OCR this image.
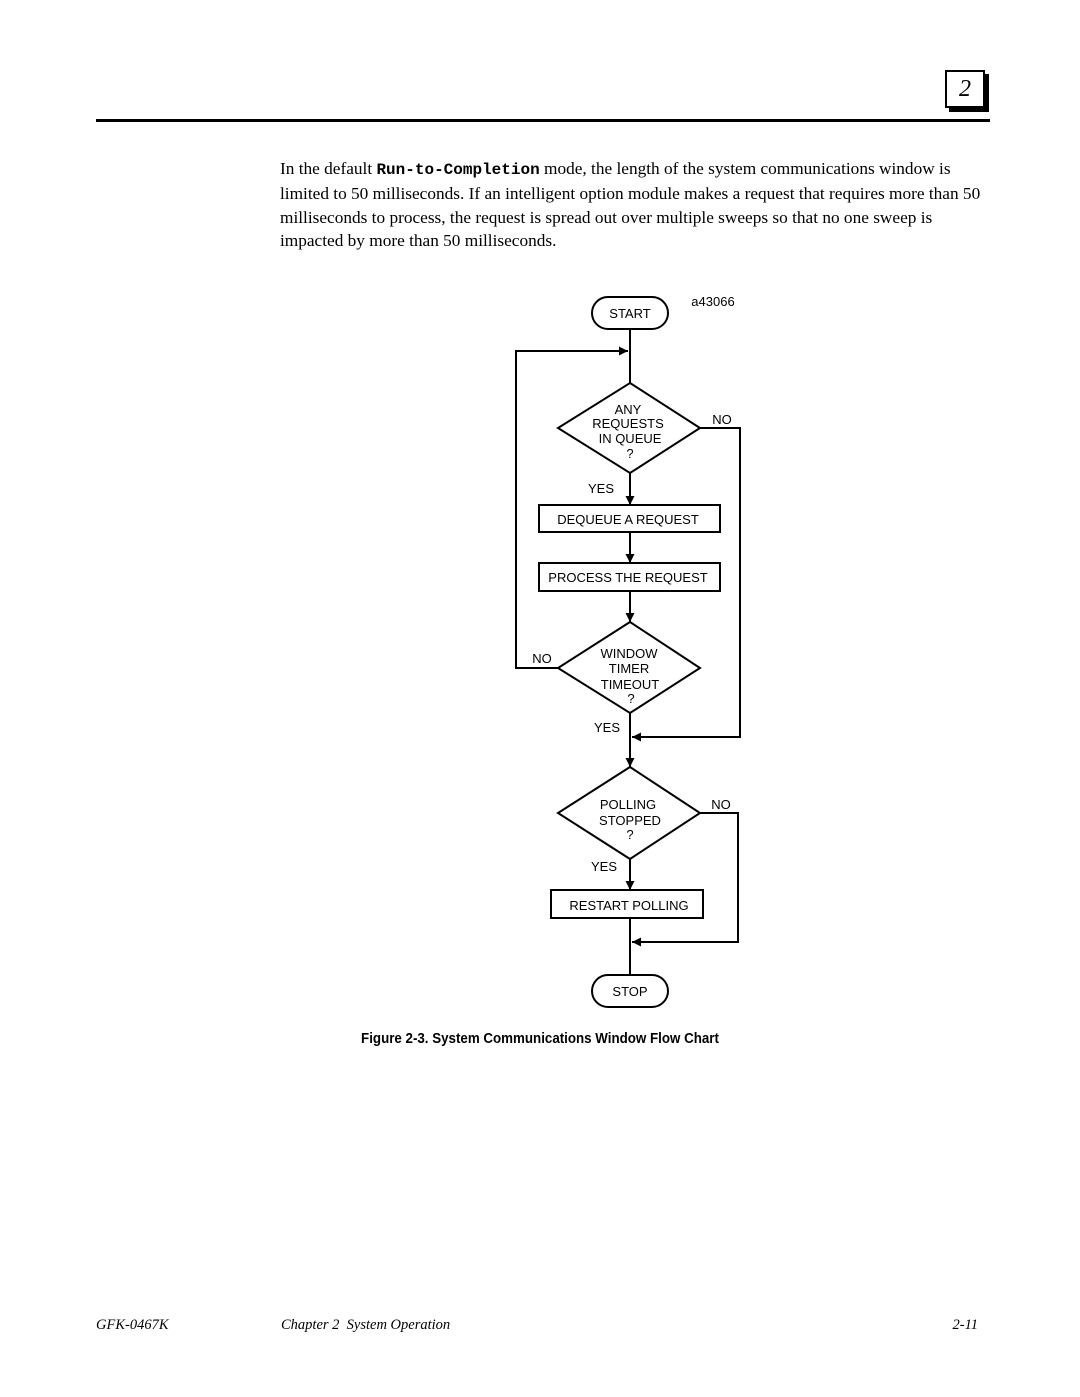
2

In the default Run-to-Completion mode, the length of the system communications window is limited to 50 milliseconds. If an intelligent option module makes a request that requires more than 50 milliseconds to process, the request is spread out over multiple sweeps so that no one sweep is impacted by more than 50 milliseconds.

a43066
START
ANY
REQUESTS
IN QUEUE
?
NO
YES
DEQUEUE A REQUEST
PROCESS THE REQUEST
WINDOW
TIMER
TIMEOUT
?
NO
YES
POLLING
STOPPED
?
NO
YES
RESTART POLLING
STOP
Figure 2-3. System Communications Window Flow Chart
GFK-0467K	Chapter 2  System Operation	2-11
